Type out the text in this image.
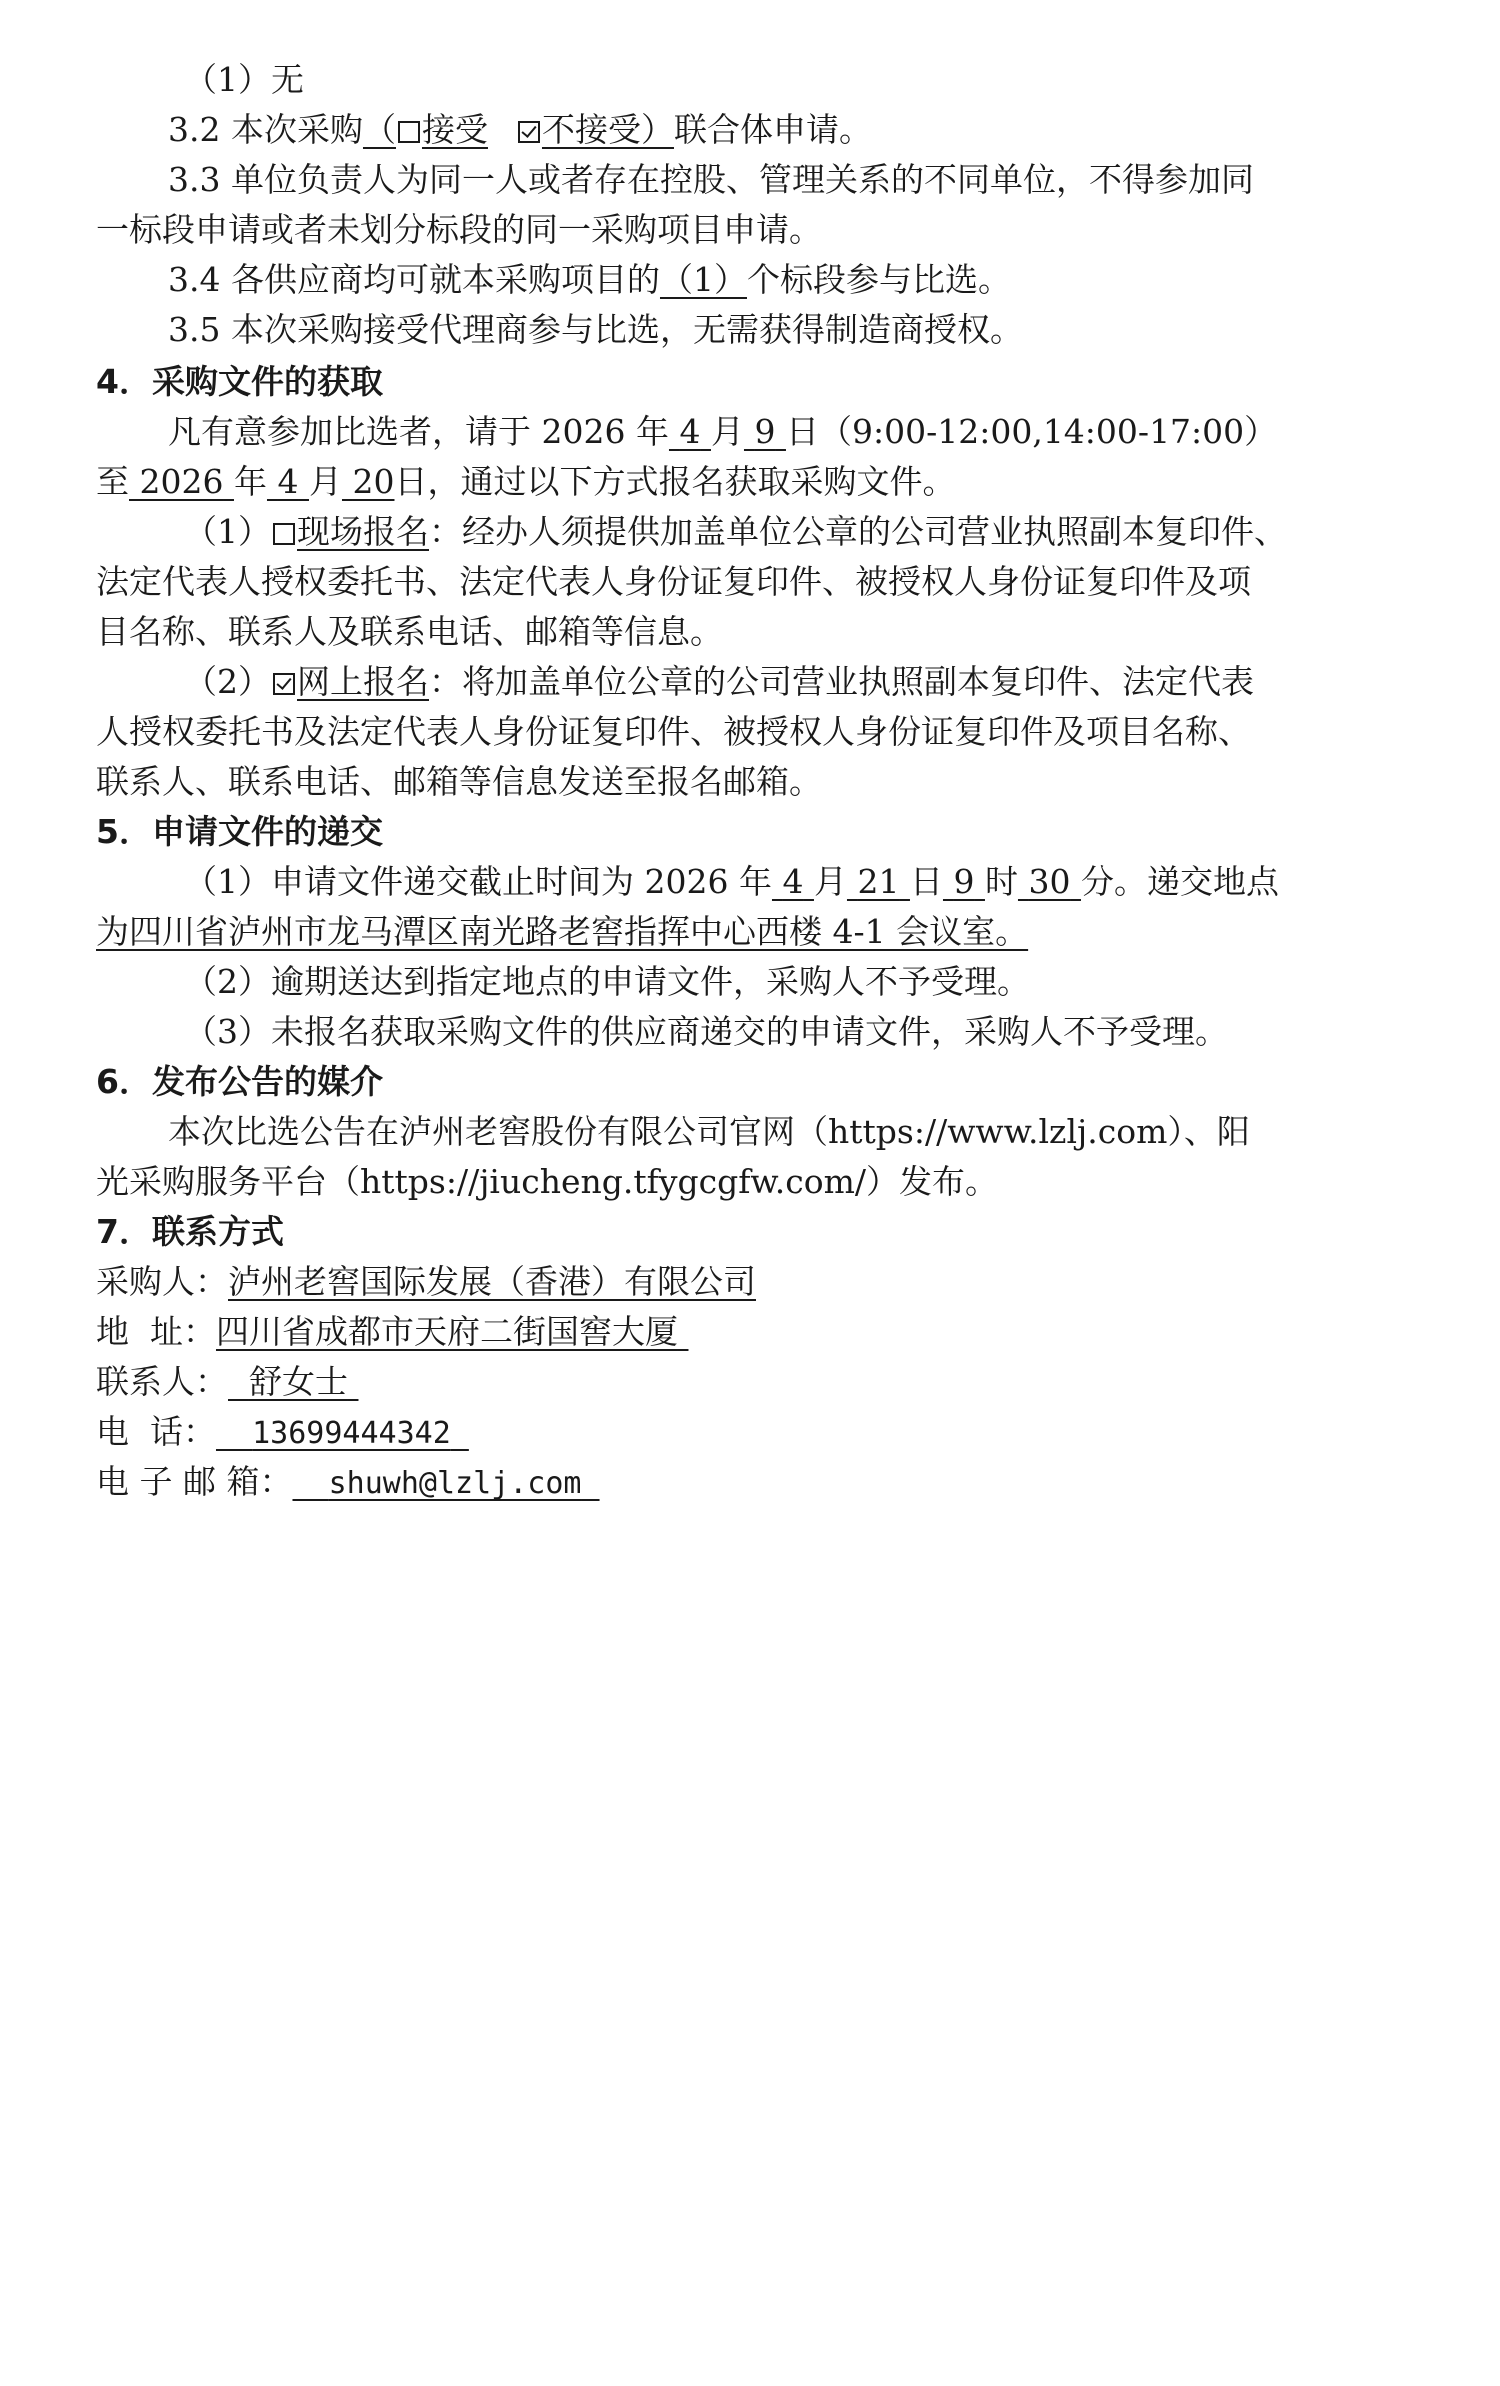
（1）无
3.2 本次采购（ 接受 不接受）联合体申请。
3.3 单位负责人为同一人或者存在控股、管理关系的不同单位，不得参加同
一标段申请或者未划分标段的同一采购项目申请。
3.4 各供应商均可就本采购项目的（1）个标段参与比选。
3.5 本次采购接受代理商参与比选，无需获得制造商授权。
4．采购文件的获取
凡有意参加比选者，请于 2026 年 4 月 9 日（9:00-12:00,14:00-17:00）
至 2026 年 4 月 20日，通过以下方式报名获取采购文件。
（1） 现场报名：经办人须提供加盖单位公章的公司营业执照副本复印件、
法定代表人授权委托书、法定代表人身份证复印件、被授权人身份证复印件及项
目名称、联系人及联系电话、邮箱等信息。
（2） 网上报名：将加盖单位公章的公司营业执照副本复印件、法定代表
人授权委托书及法定代表人身份证复印件、被授权人身份证复印件及项目名称、
联系人、联系电话、邮箱等信息发送至报名邮箱。
5．申请文件的递交
（1）申请文件递交截止时间为 2026 年 4 月 21 日 9 时 30 分。递交地点
为四川省泸州市龙马潭区南光路老窖指挥中心西楼 4-1 会议室。
（2）逾期送达到指定地点的申请文件，采购人不予受理。
（3）未报名获取采购文件的供应商递交的申请文件，采购人不予受理。
6．发布公告的媒介
本次比选公告在泸州老窖股份有限公司官网（https://www.lzlj.com）、阳
光采购服务平台（https://jiucheng.tfygcgfw.com/）发布。
7．联系方式
采购人：泸州老窖国际发展（香港）有限公司
地  址：四川省成都市天府二街国窖大厦
联系人： 舒女士
电  话： 13699444342
电 子 邮 箱： shuwh@lzlj.com
